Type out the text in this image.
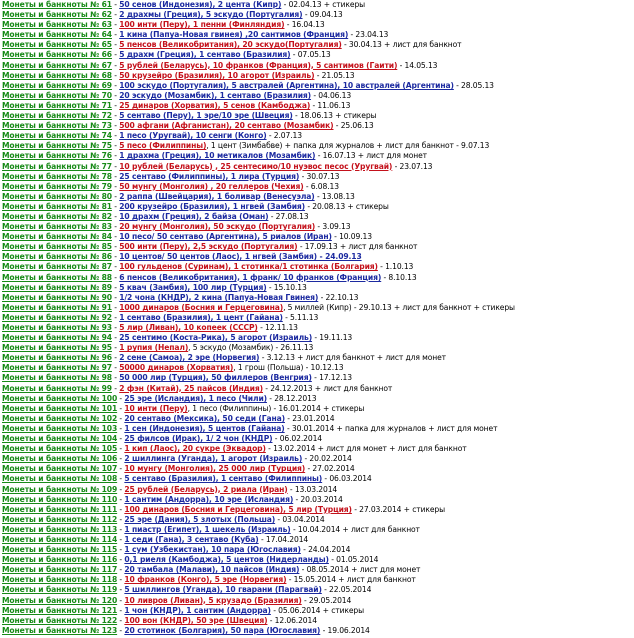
Монеты и банкноты № 61 - 50 сенов (Индонезия), 2 цента (Кипр) - 02.04.13 + стикеры
Монеты и банкноты № 62 - 2 драхмы (Греция), 5 эскудо (Португалия) - 09.04.13
Монеты и банкноты № 63 - 100 инти (Перу), 1 пенни (Финляндия) - 16.04.13
Монеты и банкноты № 64 - 1 кина (Папуа-Новая гвинея) ,20 сантимов (Франция) - 23.04.13
Монеты и банкноты № 65 - 5 пенсов (Великобритания), 20 эскудо(Португалия) - 30.04.13 + лист для банкнот
Монеты и банкноты № 66 - 5 драхм (Греция), 1 сентаво (Бразилия) - 07.05.13
Монеты и банкноты № 67 - 5 рублей (Беларусь), 10 франков (Франция), 5 сантимов (Гаити) - 14.05.13
Монеты и банкноты № 68 - 50 крузейро (Бразилия), 10 агорот (Израиль) - 21.05.13
Монеты и банкноты № 69 - 100 эскудо (Португалия), 5 австралей (Аргентина), 10 австралей (Аргентина) - 28.05.13
Монеты и банкноты № 70 - 20 эскудо (Мозамбик), 1 сентаво (Бразилия) - 04.06.13
Монеты и банкноты № 71 - 25 динаров (Хорватия), 5 сенов (Камбоджа) - 11.06.13
Монеты и банкноты № 72 - 5 сентаво (Перу), 1 эре/10 эре (Швеция) - 18.06.13 + стикеры
Монеты и банкноты № 73 - 500 афгани (Афганистан), 20 сентаво (Мозамбик) - 25.06.13
Монеты и банкноты № 74 - 1 песо (Уругвай), 10 сенги (Конго) - 2.07.13
Монеты и банкноты № 75 - 5 песо (Филиппины), 1 цент (Зимбабве) + папка для журналов + лист для банкнот - 9.07.13
Монеты и банкноты № 76 - 1 драхма (Греция), 10 метикалов (Мозамбик) - 16.07.13 + лист для монет
Монеты и банкноты № 77 - 10 рублей (Беларусь) , 25 сентесимо/10 нуэвос песос (Уругвай) - 23.07.13
Монеты и банкноты № 78 - 25 сентаво (Филиппины), 1 лира (Турция) - 30.07.13
Монеты и банкноты № 79 - 50 мунгу (Монголия) , 20 геллеров (Чехия) - 6.08.13
Монеты и банкноты № 80 - 2 раппа (Швейцария), 1 боливар (Венесуэла) - 13.08.13
Монеты и банкноты № 81 - 200 крузейро (Бразилия), 1 нгвей (Замбия) - 20.08.13 + стикеры
Монеты и банкноты № 82 - 10 драхм (Греция), 2 байза (Оман) - 27.08.13
Монеты и банкноты № 83 - 20 мунгу (Монголия), 50 эскудо (Португалия) - 3.09.13
Монеты и банкноты № 84 - 10 песо/ 50 сентаво (Аргентина), 5 риалов (Иран) - 10.09.13
Монеты и банкноты № 85 - 500 инти (Перу), 2,5 эскудо (Португалия) - 17.09.13 + лист для банкнот
Монеты и банкноты № 86 - 10 центов/ 50 центов (Лаос), 1 нгвей (Замбия) - 24.09.13
Монеты и банкноты № 87 - 100 гульденов (Суринам), 1 стотинка/1 стотинка (Болгария) - 1.10.13
Монеты и банкноты № 88 - 6 пенсов (Великобритания), 1 франк/ 10 франков (Франция) - 8.10.13
Монеты и банкноты № 89 - 5 квач (Замбия), 100 лир (Турция) - 15.10.13
Монеты и банкноты № 90 - 1/2 чона (КНДР), 2 кина (Папуа-Новая Гвинея) - 22.10.13
Монеты и банкноты № 91 - 1000 динаров (Босния и Герцеговина), 5 миллей (Кипр) - 29.10.13 + лист для банкнот + стикеры
Монеты и банкноты № 92 - 1 сентаво (Бразилия), 1 цент (Гайана) - 5.11.13
Монеты и банкноты № 93 - 5 лир (Ливан), 10 копеек (СССР) - 12.11.13
Монеты и банкноты № 94 - 25 сентимо (Коста-Рика), 5 агорот (Израиль) - 19.11.13
Монеты и банкноты № 95 - 1 рупия (Непал), 5 эскудо (Мозамбик) - 26.11.13
Монеты и банкноты № 96 - 2 сене (Самоа), 2 эре (Норвегия) - 3.12.13 + лист для банкнот + лист для монет
Монеты и банкноты № 97 - 50000 динаров (Хорватия), 1 грош (Польша) - 10.12.13
Монеты и банкноты № 98 - 50 000 лир (Турция), 50 филлеров (Венгрия) - 17.12.13
Монеты и банкноты № 99 - 2 фэн (Китай), 25 пайсов (Индия) - 24.12.2013 + лист для банкнот
Монеты и банкноты № 100 - 25 эре (Исландия), 1 песо (Чили) - 28.12.2013
Монеты и банкноты № 101 - 10 инти (Перу), 1 песо (Филиппины) - 16.01.2014 + стикеры
Монеты и банкноты № 102 - 20 сентаво (Мексика), 50 седи (Гана) - 23.01.2014
Монеты и банкноты № 103 - 1 сен (Индонезия), 5 центов (Гайана) - 30.01.2014 + папка для журналов + лист для монет
Монеты и банкноты № 104 - 25 филсов (Ирак), 1/ 2 чон (КНДР) - 06.02.2014
Монеты и банкноты № 105 - 1 кип (Лаос), 20 сукре (Эквадор) - 13.02.2014 + лист для монет + лист для банкнот
Монеты и банкноты № 106 - 2 шиллинга (Уганда), 1 агорот (Израиль) - 20.02.2014
Монеты и банкноты № 107 - 10 мунгу (Монголия), 25 000 лир (Турция) - 27.02.2014
Монеты и банкноты № 108 - 5 сентаво (Бразилия), 1 сентаво (Филиппины) - 06.03.2014
Монеты и банкноты № 109 - 25 рублей (Беларусь), 2 риала (Иран) - 13.03.2014
Монеты и банкноты № 110 - 1 сантим (Андорра), 10 эре (Исландия) - 20.03.2014
Монеты и банкноты № 111 - 100 динаров (Босния и Герцеговина), 5 лир (Турция) - 27.03.2014 + стикеры
Монеты и банкноты № 112 - 25 эре (Дания), 5 злотых (Польша) - 03.04.2014
Монеты и банкноты № 113 - 1 пиастр (Египет), 1 шекель (Израиль) - 10.04.2014 + лист для банкнот
Монеты и банкноты № 114 - 1 седи (Гана), 3 сентаво (Куба) - 17.04.2014
Монеты и банкноты № 115 - 1 сум (Узбекистан), 10 пара (Югославия) - 24.04.2014
Монеты и банкноты № 116 - 0,1 риеля (Камбоджа), 5 центов (Нидерланды) - 01.05.2014
Монеты и банкноты № 117 - 20 тамбала (Малави), 10 пайсов (Индия) - 08.05.2014 + лист для монет
Монеты и банкноты № 118 - 10 франков (Конго), 5 эре (Норвегия) - 15.05.2014 + лист для банкнот
Монеты и банкноты № 119 - 5 шиллингов (Уганда), 10 гварани (Парагвай) - 22.05.2014
Монеты и банкноты № 120 - 10 ливров (Ливан), 5 крузадо (Бразилия) - 29.05.2014
Монеты и банкноты № 121 - 1 чон (КНДР), 1 сантим (Андорра) - 05.06.2014 + стикеры
Монеты и банкноты № 122 - 100 вон (КНДР), 50 эре (Швеция) - 12.06.2014
Монеты и банкноты № 123 - 20 стотинок (Болгария), 50 пара (Югославия) - 19.06.2014
